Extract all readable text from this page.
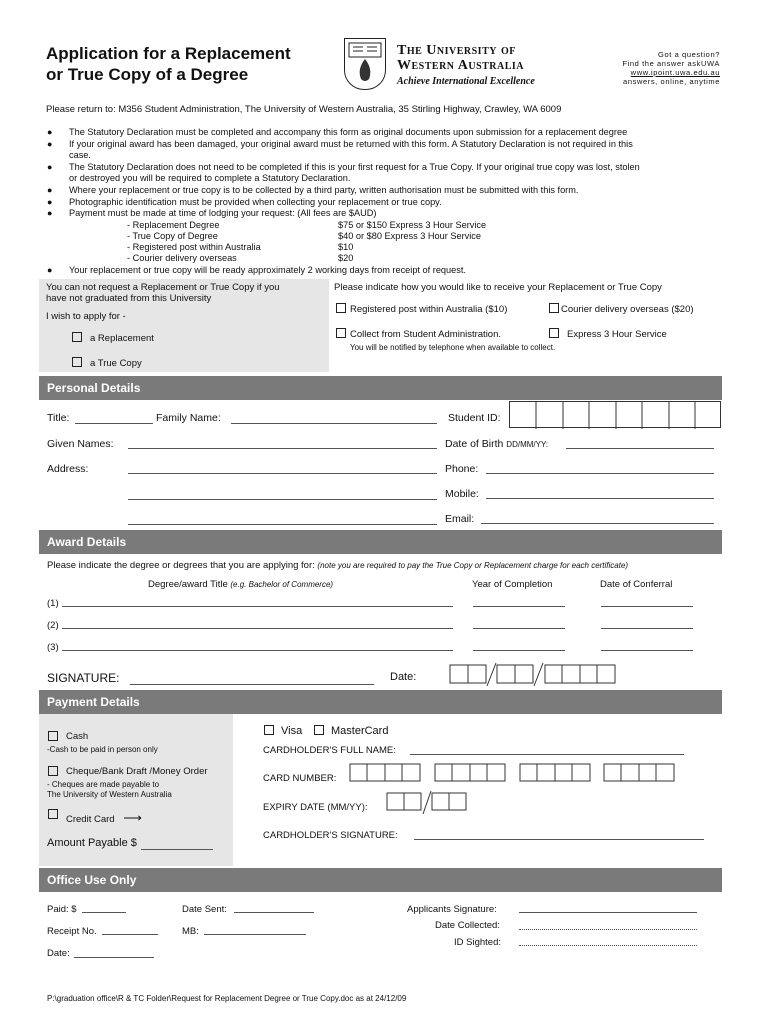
Application for a Replacement
or True Copy of a Degree
The University of
Western Australia
Achieve International Excellence
Got a question?
Find the answer askUWA
www.ipoint.uwa.edu.au
answers, online, anytime
Please return to: M356 Student Administration, The University of Western Australia, 35 Stirling Highway, Crawley, WA 6009
● The Statutory Declaration must be completed and accompany this form as original documents upon submission for a replacement degree
● If your original award has been damaged, your original award must be returned with this form. A Statutory Declaration is not required in this
case.
● The Statutory Declaration does not need to be completed if this is your first request for a True Copy. If your original true copy was lost, stolen
or destroyed you will be required to complete a Statutory Declaration.
● Where your replacement or true copy is to be collected by a third party, written authorisation must be submitted with this form.
● Photographic identification must be provided when collecting your replacement or true copy.
● Payment must be made at time of lodging your request: (All fees are $AUD)
- Replacement Degree	$75 or $150 Express 3 Hour Service
- True Copy of Degree	$40 or $80 Express 3 Hour Service
- Registered post within Australia	$10
- Courier delivery overseas	$20
● Your replacement or true copy will be ready approximately 2 working days from receipt of request.
You can not request a Replacement or True Copy if you
have not graduated from this University
I wish to apply for -
a Replacement
a True Copy
Please indicate how you would like to receive your Replacement or True Copy
Registered post within Australia ($10)	Courier delivery overseas ($20)
Collect from Student Administration.	Express 3 Hour Service
You will be notified by telephone when available to collect.
Personal Details
Title:	Family Name:	Student ID:
Given Names:	Date of Birth DD/MM/YY:
Address:	Phone:
Mobile:
Email:
Award Details
Please indicate the degree or degrees that you are applying for: (note you are required to pay the True Copy or Replacement charge for each certificate)
Degree/award Title (e.g. Bachelor of Commerce)	Year of Completion	Date of Conferral
(1)
(2)
(3)
SIGNATURE:	Date:
Payment Details
Cash
-Cash to be paid in person only
Cheque/Bank Draft /Money Order
- Cheques are made payable to
The University of Western Australia
Credit Card ⟶
Amount Payable $
Visa	MasterCard
CARDHOLDER'S FULL NAME:
CARD NUMBER:
EXPIRY DATE (MM/YY):
CARDHOLDER'S SIGNATURE:
Office Use Only
Paid: $	Date Sent:	Applicants Signature:
Receipt No.	MB:
Date Collected:
ID Sighted:
Date:
P:\graduation office\R & TC Folder\Request for Replacement Degree or True Copy.doc as at 24/12/09
